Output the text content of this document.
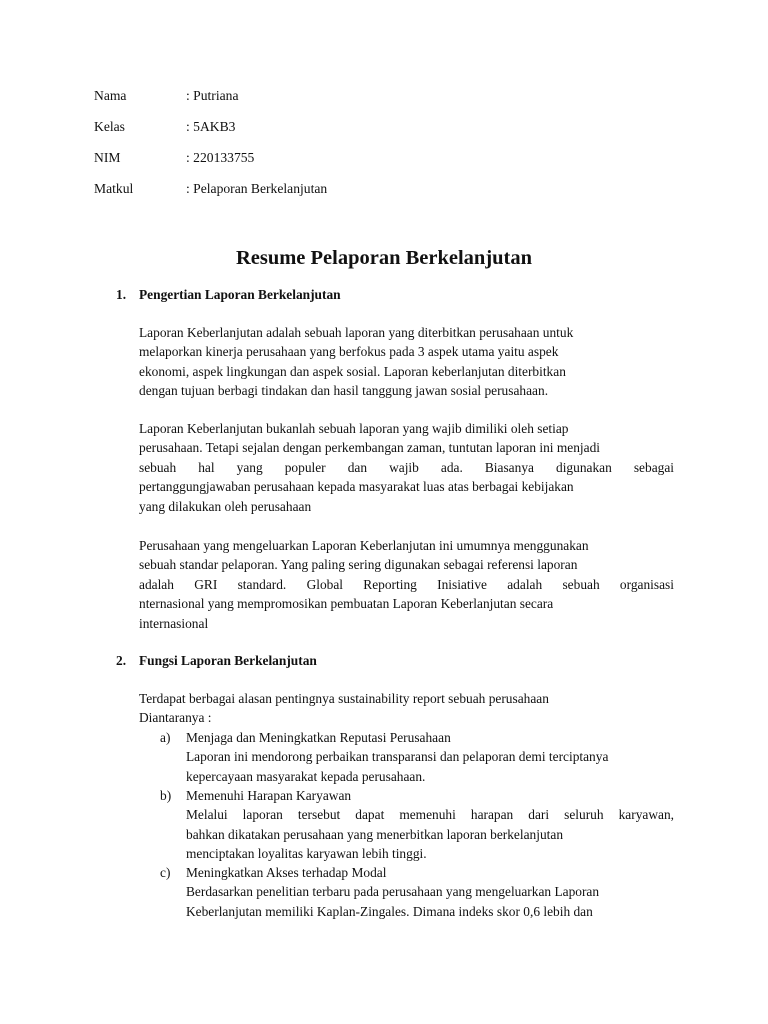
Nama	: Putriana
Kelas	: 5AKB3
NIM	: 220133755
Matkul	: Pelaporan Berkelanjutan
Resume Pelaporan Berkelanjutan
1. Pengertian Laporan Berkelanjutan
Laporan Keberlanjutan adalah sebuah laporan yang diterbitkan perusahaan untuk
melaporkan kinerja perusahaan yang berfokus pada 3 aspek utama yaitu aspek
ekonomi, aspek lingkungan dan aspek sosial. Laporan keberlanjutan diterbitkan
dengan tujuan berbagi tindakan dan hasil tanggung jawan sosial perusahaan.
Laporan Keberlanjutan bukanlah sebuah laporan yang wajib dimiliki oleh setiap
perusahaan. Tetapi sejalan dengan perkembangan zaman, tuntutan laporan ini menjadi
sebuah hal yang populer dan wajib ada. Biasanya digunakan sebagai
pertanggungjawaban perusahaan kepada masyarakat luas atas berbagai kebijakan
yang dilakukan oleh perusahaan
Perusahaan yang mengeluarkan Laporan Keberlanjutan ini umumnya menggunakan
sebuah standar pelaporan. Yang paling sering digunakan sebagai referensi laporan
adalah GRI standard. Global Reporting Inisiative adalah sebuah organisasi
nternasional yang mempromosikan pembuatan Laporan Keberlanjutan secara
internasional
2. Fungsi Laporan Berkelanjutan
Terdapat berbagai alasan pentingnya sustainability report sebuah perusahaan
Diantaranya :
a)	Menjaga dan Meningkatkan Reputasi Perusahaan
Laporan ini mendorong perbaikan transparansi dan pelaporan demi terciptanya
kepercayaan masyarakat kepada perusahaan.
b)	Memenuhi Harapan Karyawan
Melalui laporan tersebut dapat memenuhi harapan dari seluruh karyawan,
bahkan dikatakan perusahaan yang menerbitkan laporan berkelanjutan
menciptakan loyalitas karyawan lebih tinggi.
c)	Meningkatkan Akses terhadap Modal
Berdasarkan penelitian terbaru pada perusahaan yang mengeluarkan Laporan
Keberlanjutan memiliki Kaplan-Zingales. Dimana indeks skor 0,6 lebih dan
